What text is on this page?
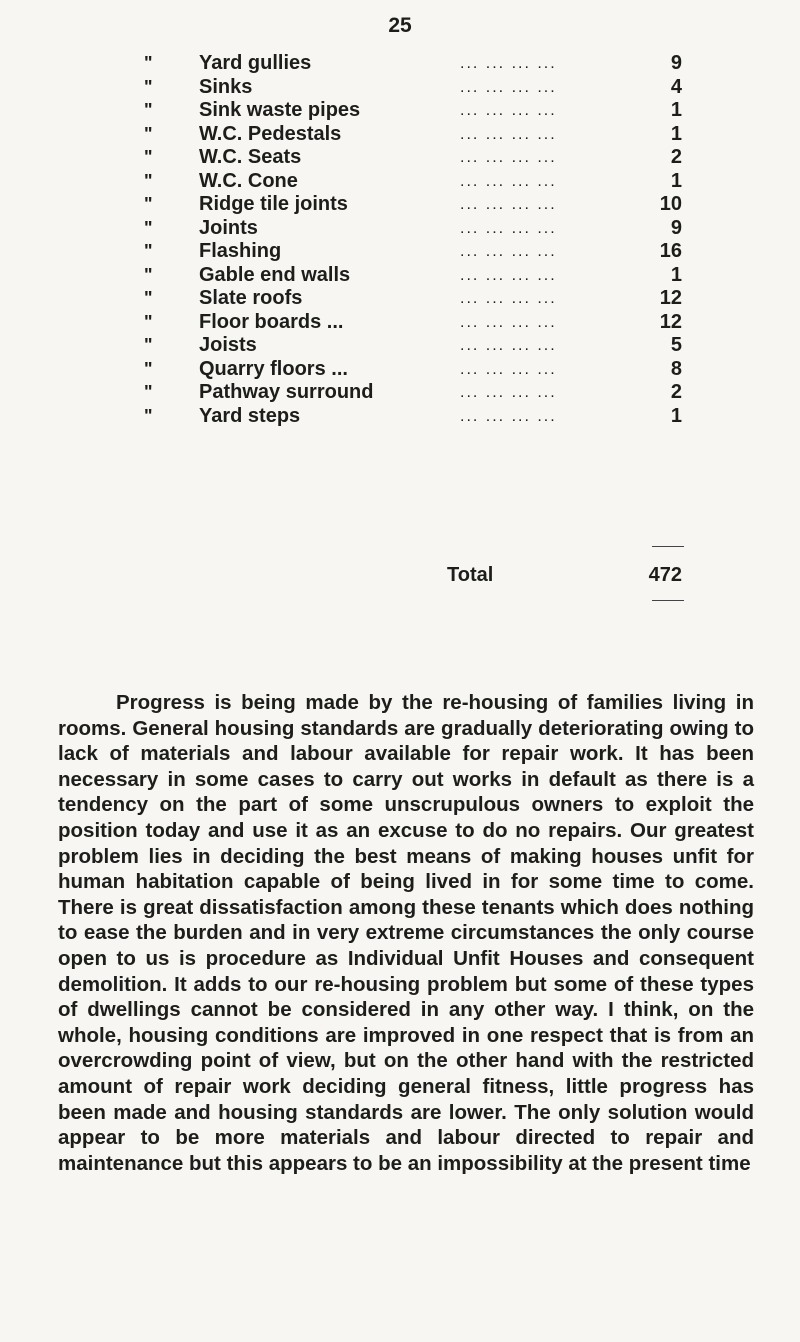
25
" Yard gullies	... ... ... ...	9
" Sinks	... ... ... ...	4
" Sink waste pipes	... ... ... ...	1
" W.C. Pedestals	... ... ... ...	1
" W.C. Seats	... ... ... ...	2
" W.C. Cone	... ... ... ...	1
" Ridge tile joints	... ... ... ...	10
" Joints	... ... ... ...	9
" Flashing	... ... ... ...	16
" Gable end walls	... ... ... ...	1
" Slate roofs	... ... ... ...	12
" Floor boards ...	... ... ... ...	12
" Joists	... ... ... ...	5
" Quarry floors ...	... ... ... ...	8
" Pathway surround	... ... ... ...	2
" Yard steps	... ... ... ...	1
Total	472
Progress is being made by the re-housing of families living in rooms. General housing standards are gradually deteriorating owing to lack of materials and labour available for repair work. It has been necessary in some cases to carry out works in default as there is a tendency on the part of some unscrupulous owners to exploit the position today and use it as an excuse to do no repairs. Our greatest problem lies in deciding the best means of making houses unfit for human habitation capable of being lived in for some time to come. There is great dissatisfaction among these tenants which does nothing to ease the burden and in very extreme circumstances the only course open to us is procedure as Individual Unfit Houses and consequent demolition. It adds to our re-housing problem but some of these types of dwellings cannot be considered in any other way. I think, on the whole, housing conditions are improved in one respect that is from an overcrowding point of view, but on the other hand with the restricted amount of repair work deciding general fitness, little progress has been made and housing standards are lower. The only solution would appear to be more materials and labour directed to repair and maintenance but this appears to be an impossibility at the present time
